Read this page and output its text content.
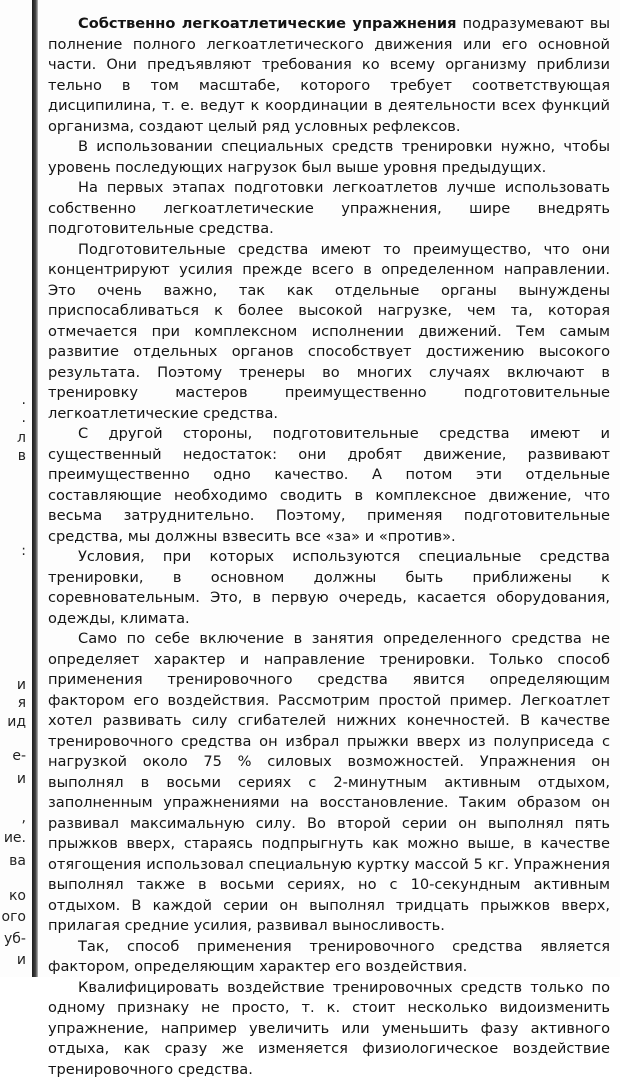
.
.
л
в
:
и
я
ид
е-
и
,
ие.
ва
ко
ого
уб-
и

Собственно легкоатлетические упражнения подразумевают вы полнение полного легкоатлетического движения или его основной части. Они предъявляют требования ко всему организму приблизи тельно в том масштабе, которого требует соответствующая дисципилина, т. е. ведут к координации в деятельности всех функций организма, создают целый ряд условных рефлексов.

В использовании специальных средств тренировки нужно, чтобы уровень последующих нагрузок был выше уровня предыдущих.

На первых этапах подготовки легкоатлетов лучше использовать собственно легкоатлетические упражнения, шире внедрять подготовительные средства.

Подготовительные средства имеют то преимущество, что они концентрируют усилия прежде всего в определенном направлении. Это очень важно, так как отдельные органы вынуждены приспосабливаться к более высокой нагрузке, чем та, которая отмечается при комплексном исполнении движений. Тем самым развитие отдельных органов способствует достижению высокого результата. Поэтому тренеры во многих случаях включают в тренировку мастеров преимущественно подготовительные легкоатлетические средства.

С другой стороны, подготовительные средства имеют и существенный недостаток: они дробят движение, развивают преимущественно одно качество. А потом эти отдельные составляющие необходимо сводить в комплексное движение, что весьма затруднительно. Поэтому, применяя подготовительные средства, мы должны взвесить все «за» и «против».

Условия, при которых используются специальные средства тренировки, в основном должны быть приближены к соревновательным. Это, в первую очередь, касается оборудования, одежды, климата.

Само по себе включение в занятия определенного средства не определяет характер и направление тренировки. Только способ применения тренировочного средства явится определяющим фактором его воздействия. Рассмотрим простой пример. Легкоатлет хотел развивать силу сгибателей нижних конечностей. В качестве тренировочного средства он избрал прыжки вверх из полуприседа с нагрузкой около 75 % силовых возможностей. Упражнения он выполнял в восьми сериях с 2-минутным активным отдыхом, заполненным упражнениями на восстановление. Таким образом он развивал максимальную силу. Во второй серии он выполнял пять прыжков вверх, стараясь подпрыгнуть как можно выше, в качестве отягощения использовал специальную куртку массой 5 кг. Упражнения выполнял также в восьми сериях, но с 10-секундным активным отдыхом. В каждой серии он выполнял тридцать прыжков вверх, прилагая средние усилия, развивал выносливость.

Так, способ применения тренировочного средства является фактором, определяющим характер его воздействия.

Квалифицировать воздействие тренировочных средств только по одному признаку не просто, т. к. стоит несколько видоизменить упражнение, например увеличить или уменьшить фазу активного отдыха, как сразу же изменяется физиологическое воздействие тренировочного средства.
